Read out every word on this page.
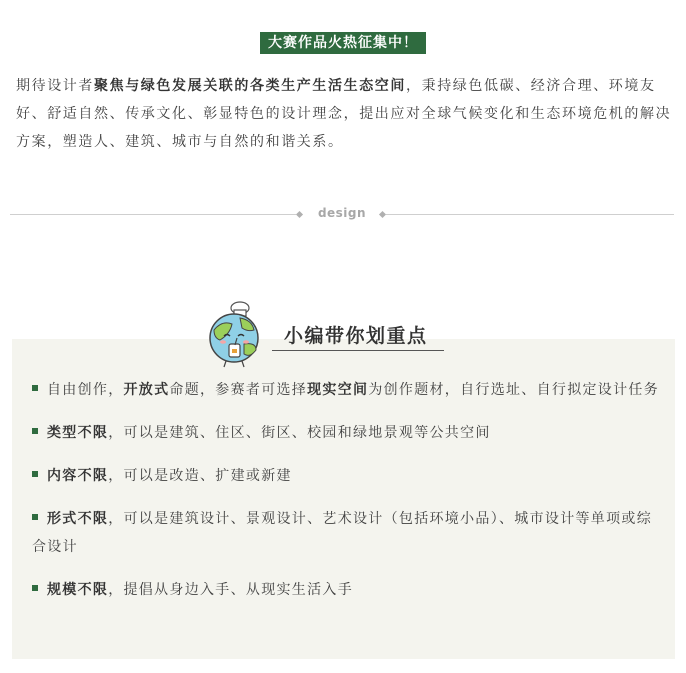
大赛作品火热征集中！

期待设计者聚焦与绿色发展关联的各类生产生活生态空间，秉持绿色低碳、经济合理、环境友好、舒适自然、传承文化、彰显特色的设计理念，提出应对全球气候变化和生态环境危机的解决方案，塑造人、建筑、城市与自然的和谐关系。

design
小编带你划重点
自由创作，开放式命题，参赛者可选择现实空间为创作题材，自行选址、自行拟定设计任务
类型不限，可以是建筑、住区、街区、校园和绿地景观等公共空间
内容不限，可以是改造、扩建或新建
形式不限，可以是建筑设计、景观设计、艺术设计（包括环境小品）、城市设计等单项或综合设计
规模不限，提倡从身边入手、从现实生活入手
